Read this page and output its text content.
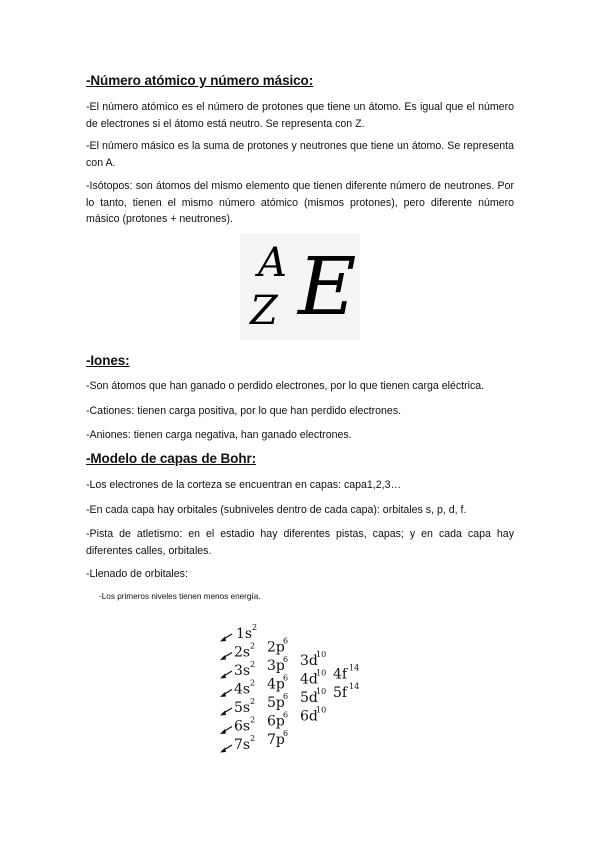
-Número atómico y número másico:
-El número atómico es el número de protones que tiene un átomo. Es igual que el número de electrones si el átomo está neutro. Se representa con Z.
-El número másico es la suma de protones y neutrones que tiene un átomo. Se representa con A.
-Isótopos: son átomos del mismo elemento que tienen diferente número de neutrones. Por lo tanto, tienen el mismo número atómico (mismos protones), pero diferente número másico (protones + neutrones).
A
Z E
-Iones:
-Son átomos que han ganado o perdido electrones, por lo que tienen carga eléctrica.
-Cationes: tienen carga positiva, por lo que han perdido electrones.
-Aniones: tienen carga negativa, han ganado electrones.
-Modelo de capas de Bohr:
-Los electrones de la corteza se encuentran en capas: capa1,2,3…
-En cada capa hay orbitales (subniveles dentro de cada capa): orbitales s, p, d, f.
-Pista de atletismo: en el estadio hay diferentes pistas, capas; y en cada capa hay diferentes calles, orbitales.
-Llenado de orbitales:
-Los primeros niveles tienen menos energía.
1s 2
2s 2 2p
6
3s 2 3p
6 3d
10
4s 2 4p
6 4d
10 4f 14
5s 2 5p
6 5d
10 5f 14
6s 2 6p
6 6d
10
7s 2 7p
6
